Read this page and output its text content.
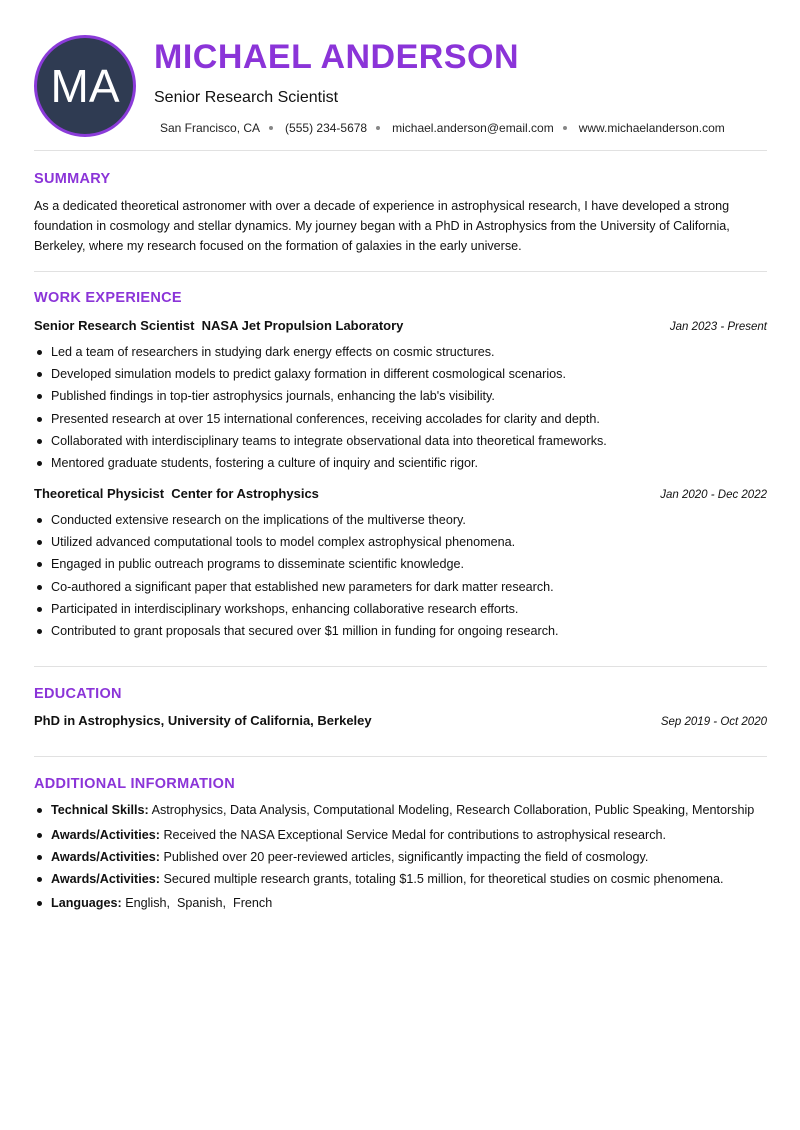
MA
MICHAEL ANDERSON
Senior Research Scientist
San Francisco, CA (555) 234-5678 michael.anderson@email.com www.michaelanderson.com
SUMMARY

As a dedicated theoretical astronomer with over a decade of experience in astrophysical research, I have developed a strong foundation in cosmology and stellar dynamics. My journey began with a PhD in Astrophysics from the University of California, Berkeley, where my research focused on the formation of galaxies in the early universe.

WORK EXPERIENCE
Senior Research Scientist NASA Jet Propulsion Laboratory	Jan 2023 - Present
Led a team of researchers in studying dark energy effects on cosmic structures.
Developed simulation models to predict galaxy formation in different cosmological scenarios.
Published findings in top-tier astrophysics journals, enhancing the lab's visibility.
Presented research at over 15 international conferences, receiving accolades for clarity and depth.
Collaborated with interdisciplinary teams to integrate observational data into theoretical frameworks.
Mentored graduate students, fostering a culture of inquiry and scientific rigor.
Theoretical Physicist Center for Astrophysics	Jan 2020 - Dec 2022
Conducted extensive research on the implications of the multiverse theory.
Utilized advanced computational tools to model complex astrophysical phenomena.
Engaged in public outreach programs to disseminate scientific knowledge.
Co-authored a significant paper that established new parameters for dark matter research.
Participated in interdisciplinary workshops, enhancing collaborative research efforts.
Contributed to grant proposals that secured over $1 million in funding for ongoing research.
EDUCATION
PhD in Astrophysics, University of California, Berkeley	Sep 2019 - Oct 2020
ADDITIONAL INFORMATION
Technical Skills: Astrophysics, Data Analysis, Computational Modeling, Research Collaboration, Public Speaking, Mentorship
Awards/Activities: Received the NASA Exceptional Service Medal for contributions to astrophysical research.
Awards/Activities: Published over 20 peer-reviewed articles, significantly impacting the field of cosmology.
Awards/Activities: Secured multiple research grants, totaling $1.5 million, for theoretical studies on cosmic phenomena.
Languages: English,  Spanish,  French
